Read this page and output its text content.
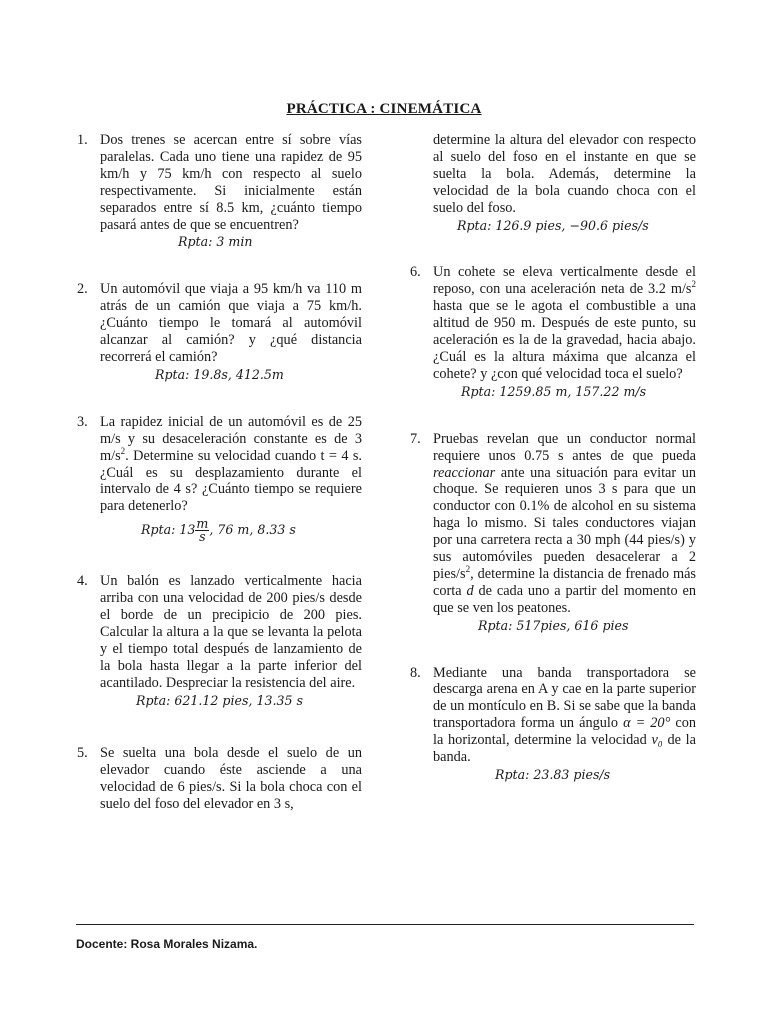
PRÁCTICA : CINEMÁTICA
1. Dos trenes se acercan entre sí sobre vías paralelas. Cada uno tiene una rapidez de 95 km/h y 75 km/h con respecto al suelo respectivamente. Si inicialmente están separados entre sí 8.5 km, ¿cuánto tiempo pasará antes de que se encuentren?
Rpta: 3 min
2. Un automóvil que viaja a 95 km/h va 110 m atrás de un camión que viaja a 75 km/h. ¿Cuánto tiempo le tomará al automóvil alcanzar al camión? y ¿qué distancia recorrerá el camión?
Rpta: 19.8s, 412.5m
3. La rapidez inicial de un automóvil es de 25 m/s y su desaceleración constante es de 3 $m/s^2$. Determine su velocidad cuando t = 4 s. ¿Cuál es su desplazamiento durante el intervalo de 4 s? ¿Cuánto tiempo se requiere para detenerlo?
Rpta: $13 \frac{m}{s}$ , 76 m, 8.33 s
4. Un balón es lanzado verticalmente hacia arriba con una velocidad de 200 pies/s desde el borde de un precipicio de 200 pies. Calcular la altura a la que se levanta la pelota y el tiempo total después de lanzamiento de la bola hasta llegar a la parte inferior del acantilado. Despreciar la resistencia del aire.
Rpta: 621.12 pies, 13.35 s
5. Se suelta una bola desde el suelo de un elevador cuando éste asciende a una velocidad de 6 pies/s. Si la bola choca con el suelo del foso del elevador en 3 s,
determine la altura del elevador con respecto al suelo del foso en el instante en que se suelta la bola. Además, determine la velocidad de la bola cuando choca con el suelo del foso.
Rpta: 126.9 pies, −90.6 pies/s
6. Un cohete se eleva verticalmente desde el reposo, con una aceleración neta de 3.2 $m/s^2$ hasta que se le agota el combustible a una altitud de 950 m. Después de este punto, su aceleración es la de la gravedad, hacia abajo. ¿Cuál es la altura máxima que alcanza el cohete? y ¿con qué velocidad toca el suelo?
Rpta: 1259.85 m, 157.22 m/s
7. Pruebas revelan que un conductor normal requiere unos 0.75 s antes de que pueda reaccionar ante una situación para evitar un choque. Se requieren unos 3 s para que un conductor con 0.1% de alcohol en su sistema haga lo mismo. Si tales conductores viajan por una carretera recta a 30 mph (44 pies/s) y sus automóviles pueden desacelerar a 2 pies/$s^2$, determine la distancia de frenado más corta d de cada uno a partir del momento en que se ven los peatones.
Rpta: 517pies, 616 pies
8. Mediante una banda transportadora se descarga arena en A y cae en la parte superior de un montículo en B. Si se sabe que la banda transportadora forma un ángulo α = 20° con la horizontal, determine la velocidad v₀ de la banda.
Rpta: 23.83 pies/s
Docente: Rosa Morales Nizama.
